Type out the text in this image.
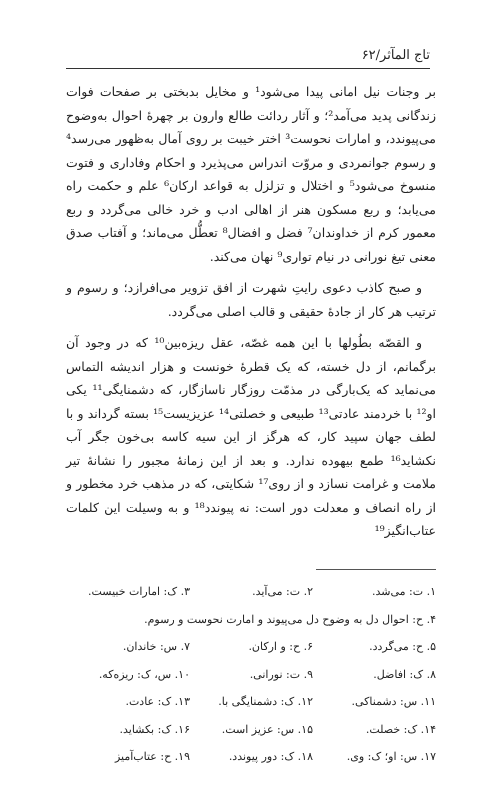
تاج المآثر/۶۲

بر وجنات نیل امانی پیدا می‌شود¹ و مخایل بدبختی بر صفحات فوات زندگانی پدید می‌آمد²؛ و آثار ردائت طالع وارون بر چهرهٔ احوال به‌وضوح می‌پیوندد، و امارات نحوست³ اختر خیبت بر روی آمال به‌ظهور می‌رسد⁴ و رسوم جوانمردی و مروّت اندراس می‌پذیرد و احکام وفاداری و فتوت منسوخ می‌شود⁵ و اختلال و تزلزل به قواعد ارکان⁶ علم و حکمت راه می‌یابد؛ و ربع مسکون هنر از اهالی ادب و خرد خالی می‌گردد و ربع معمور کرم از خداوندان⁷ فضل و افضال⁸ تعطُّل می‌ماند؛ و آفتاب صدق معنی تیغ نورانی در نیام تواری⁹ نهان می‌کند.

و صبح کاذب دعوی رایتِ شهرت از افق تزویر می‌افرازد؛ و رسوم و ترتیب هر کار از جادهٔ حقیقی و قالب اصلی می‌گردد.

و القصّه بطُولها با این همه غصّه، عقل ریزه‌بین¹⁰ که در وجود آن برگمانم، از دل خسته، که یک قطرهٔ خونست و هزار اندیشه التماس می‌نماید که یک‌بارگی در مذمّت روزگار ناسازگار، که دشمنایگی¹¹ یکی او¹² با خردمند عادتی¹³ طبیعی و خصلتی¹⁴ عزیزیست¹⁵ بسته گرداند و با لطف جهان سپید کار، که هرگز از این سیه کاسه بی‌خون جگر آب نکشاید¹⁶ طمع بیهوده ندارد. و بعد از این زمانهٔ مجبور را نشانهٔ تیر ملامت و غرامت نسازد و از روی¹⁷ شکایتی، که در مذهب خرد مخطور و از راه انصاف و معدلت دور است: نه پیوندد¹⁸ و به وسیلت این کلمات عتاب‌انگیز¹⁹

١. ت: می‌شد.
٢. ت: می‌آید.
٣. ک: امارات خبیست.
۴. ح: احوال دل به وضوح دل می‌پیوند و امارت نحوست و رسوم.
۵. ح: می‌گردد.
۶. ح: و ارکان.
٧. س: خاندان.
٨. ک: افاضل.
٩. ت: نورانی.
١٠. س، ک: ریزه‌که.
١١. س: دشمناکی.
١٢. ک: دشمنایگی با.
١٣. ک: عادت.
١۴. ک: خصلت.
١۵. س: عزیز است.
١۶. ک: بکشاید.
١٧. س: او؛ ک: وی.
١٨. ک: دور پیوندد.
١٩. ح: عتاب‌آمیز
